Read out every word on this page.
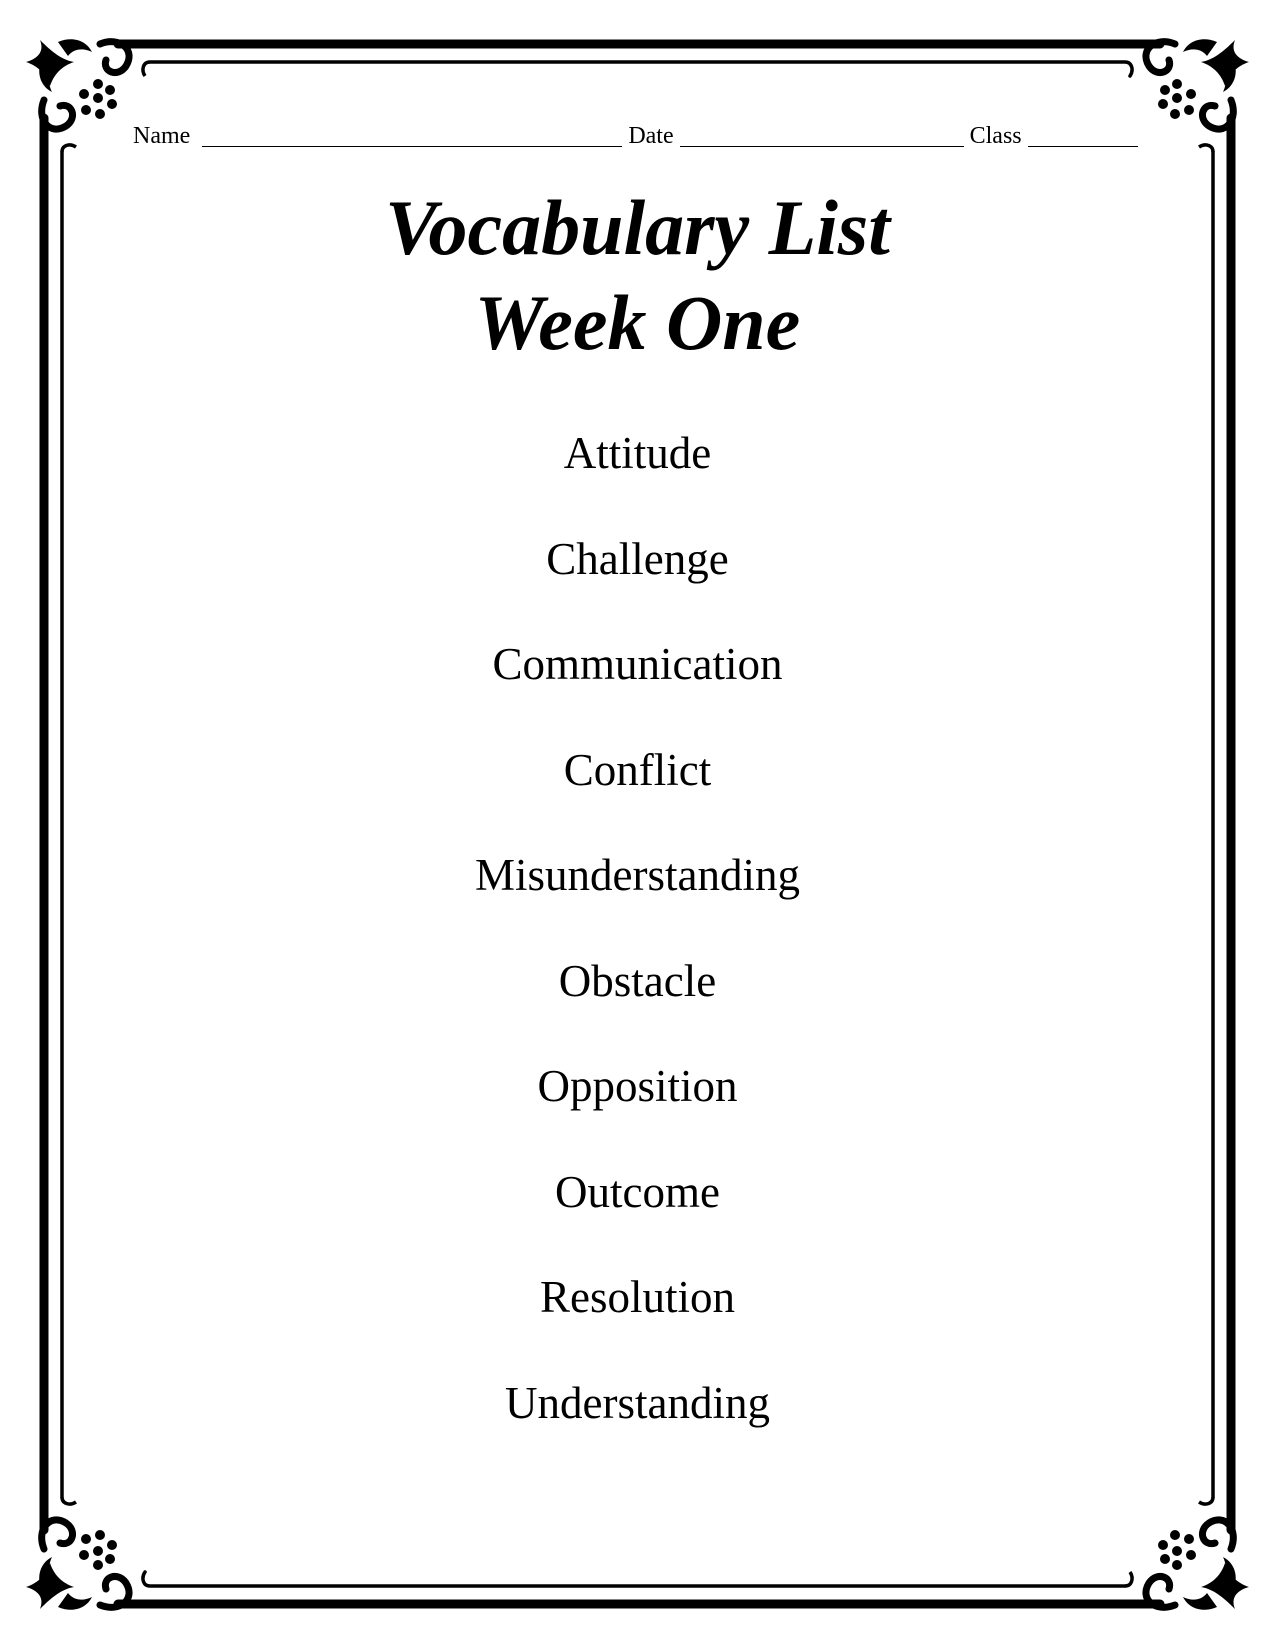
Name	Date	Class
Vocabulary List
Week One
Attitude
Challenge
Communication
Conflict
Misunderstanding
Obstacle
Opposition
Outcome
Resolution
Understanding
